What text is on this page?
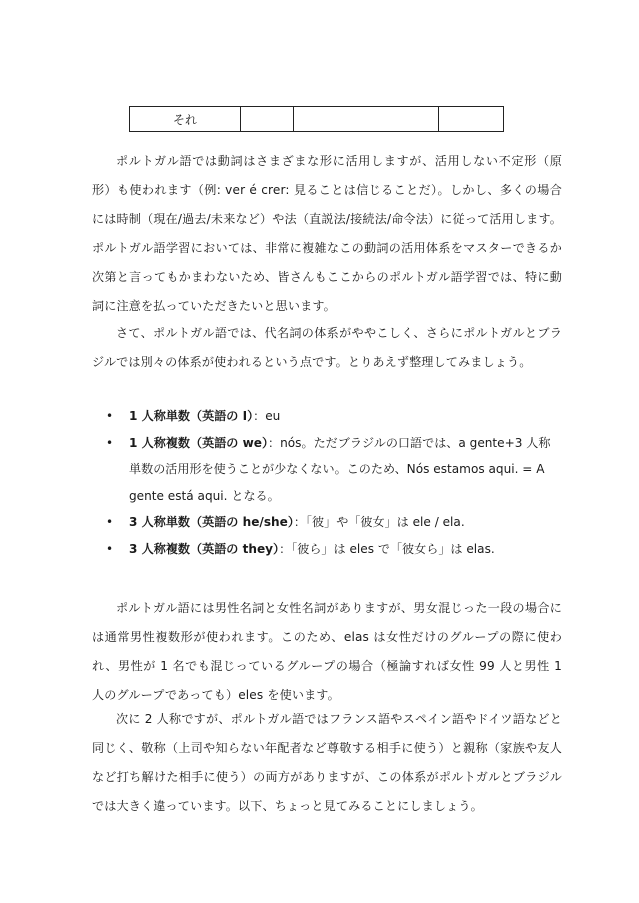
それ			

ポルトガル語では動詞はさまざまな形に活用しますが、活用しない不定形（原形）も使われます（例: ver é crer: 見ることは信じることだ）。しかし、多くの場合には時制（現在/過去/未来など）や法（直説法/接続法/命令法）に従って活用します。ポルトガル語学習においては、非常に複雑なこの動詞の活用体系をマスターできるか次第と言ってもかまわないため、皆さんもここからのポルトガル語学習では、特に動詞に注意を払っていただきたいと思います。

さて、ポルトガル語では、代名詞の体系がややこしく、さらにポルトガルとブラジルでは別々の体系が使われるという点です。とりあえず整理してみましょう。

• 1 人称単数（英語の I）：eu
• 1 人称複数（英語の we）：nós。ただブラジルの口語では、a gente+3 人称単数の活用形を使うことが少なくない。このため、Nós estamos aqui. = A gente está aqui. となる。
• 3 人称単数（英語の he/she）：「彼」や「彼女」は ele / ela.
• 3 人称複数（英語の they）：「彼ら」は eles で「彼女ら」は elas.

ポルトガル語には男性名詞と女性名詞がありますが、男女混じった一段の場合には通常男性複数形が使われます。このため、elas は女性だけのグループの際に使われ、男性が 1 名でも混じっているグループの場合（極論すれば女性 99 人と男性 1 人のグループであっても）eles を使います。

次に 2 人称ですが、ポルトガル語ではフランス語やスペイン語やドイツ語などと同じく、敬称（上司や知らない年配者など尊敬する相手に使う）と親称（家族や友人など打ち解けた相手に使う）の両方がありますが、この体系がポルトガルとブラジルでは大きく違っています。以下、ちょっと見てみることにしましょう。
